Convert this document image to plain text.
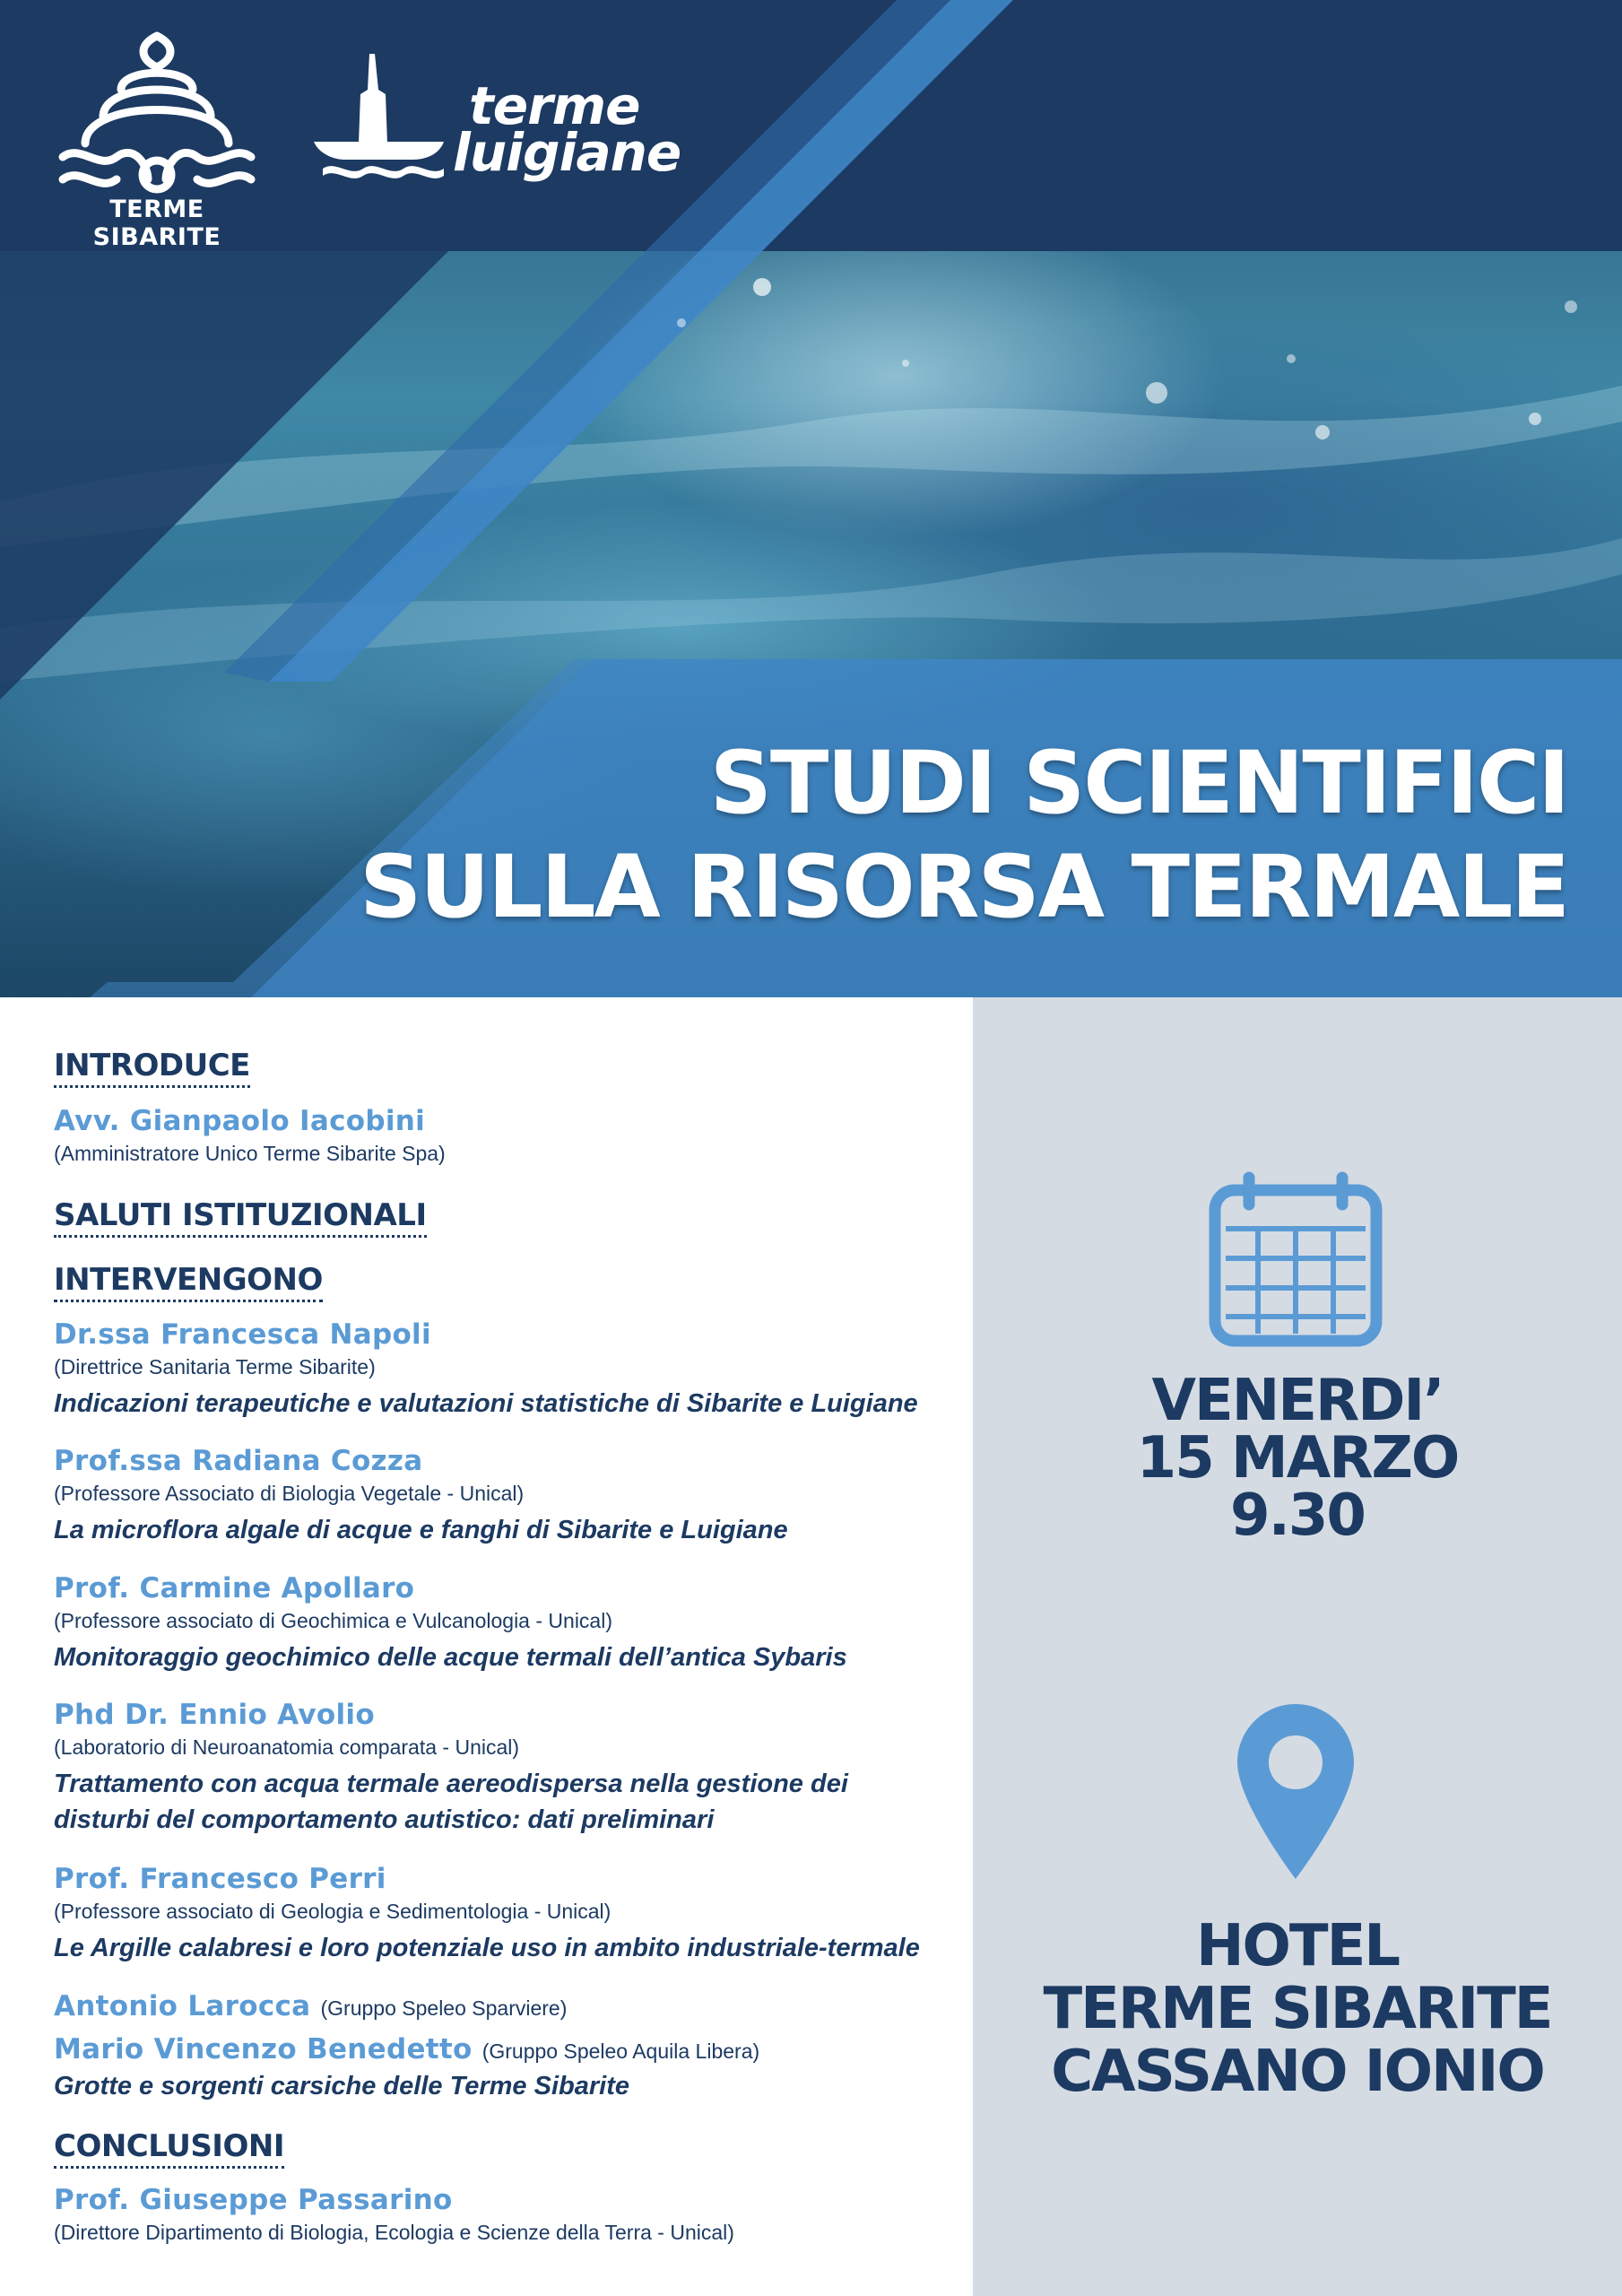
TERME SIBARITE
terme
luigiane
STUDI SCIENTIFICI
SULLA RISORSA TERMALE
INTRODUCE
Avv. Gianpaolo Iacobini
(Amministratore Unico Terme Sibarite Spa)
SALUTI ISTITUZIONALI
INTERVENGONO
Dr.ssa Francesca Napoli
(Direttrice Sanitaria Terme Sibarite)
Indicazioni terapeutiche e valutazioni statistiche di Sibarite e Luigiane
Prof.ssa Radiana Cozza
(Professore Associato di Biologia Vegetale - Unical)
La microflora algale di acque e fanghi di Sibarite e Luigiane
Prof. Carmine Apollaro
(Professore associato di Geochimica e Vulcanologia - Unical)
Monitoraggio geochimico delle acque termali dell’antica Sybaris
Phd Dr. Ennio Avolio
(Laboratorio di Neuroanatomia comparata - Unical)
Trattamento con acqua termale aereodispersa nella gestione dei disturbi del comportamento autistico: dati preliminari
Prof. Francesco Perri
(Professore associato di Geologia e Sedimentologia - Unical)
Le Argille calabresi e loro potenziale uso in ambito industriale-termale
Antonio Larocca (Gruppo Speleo Sparviere)
Mario Vincenzo Benedetto (Gruppo Speleo Aquila Libera)
Grotte e sorgenti carsiche delle Terme Sibarite
CONCLUSIONI
Prof. Giuseppe Passarino
(Direttore Dipartimento di Biologia, Ecologia e Scienze della Terra - Unical)
VENERDI’
15 MARZO
9.30
HOTEL
TERME SIBARITE
CASSANO IONIO
